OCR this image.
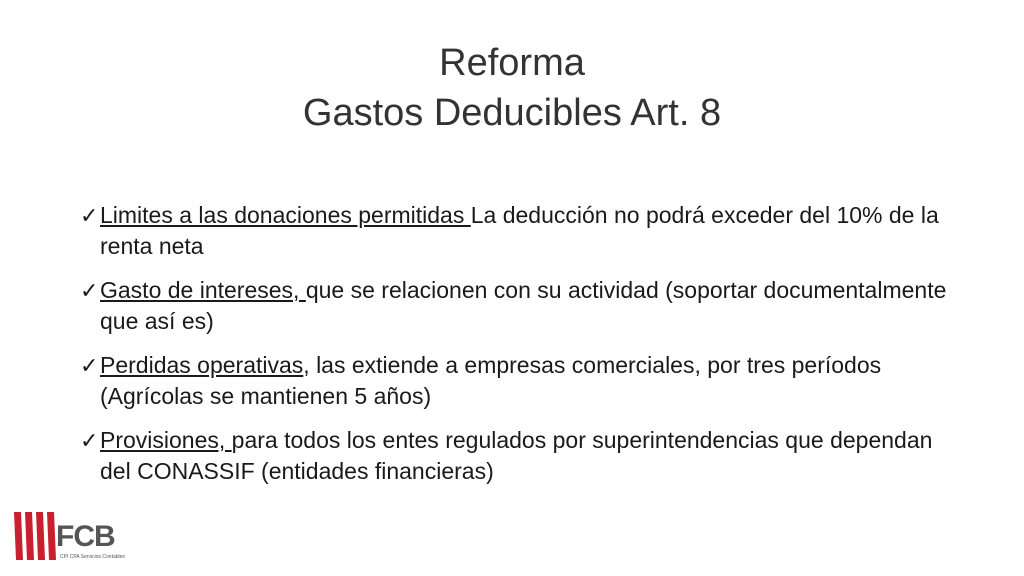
Reforma
Gastos Deducibles Art. 8
✓ Limites a las donaciones permitidas La deducción no podrá exceder del 10% de la renta neta
✓ Gasto de intereses, que se relacionen con su actividad (soportar documentalmente que así es)
✓ Perdidas operativas, las extiende a empresas comerciales, por tres períodos (Agrícolas se mantienen 5 años)
✓ Provisiones, para todos los entes regulados por superintendencias que dependan del CONASSIF (entidades financieras)
FCB
CPI CPA Servicios Contables
